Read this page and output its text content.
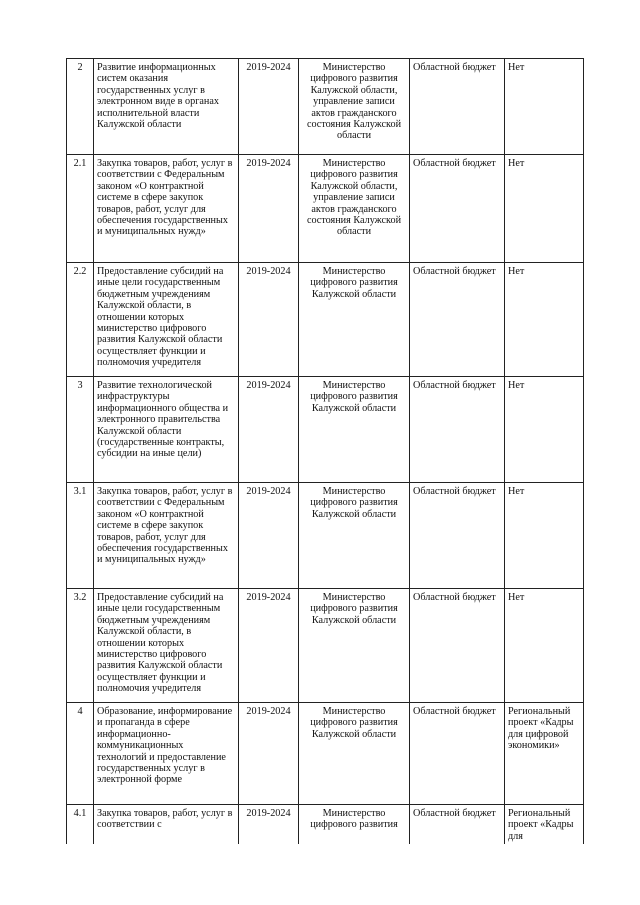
2	Развитие информационных систем оказания государственных услуг в электронном виде в органах исполнительной власти Калужской области	2019-2024	Министерство цифрового развития Калужской области, управление записи актов гражданского состояния Калужской области	Областной бюджет	Нет
2.1	Закупка товаров, работ, услуг в соответствии с Федеральным законом «О контрактной системе в сфере закупок товаров, работ, услуг для обеспечения государственных и муниципальных нужд»	2019-2024	Министерство цифрового развития Калужской области, управление записи актов гражданского состояния Калужской области	Областной бюджет	Нет
2.2	Предоставление субсидий на иные цели государственным бюджетным учреждениям Калужской области, в отношении которых министерство цифрового развития Калужской области осуществляет функции и полномочия учредителя	2019-2024	Министерство цифрового развития Калужской области	Областной бюджет	Нет
3	Развитие технологической инфраструктуры информационного общества и электронного правительства Калужской области (государственные контракты, субсидии на иные цели)	2019-2024	Министерство цифрового развития Калужской области	Областной бюджет	Нет
3.1	Закупка товаров, работ, услуг в соответствии с Федеральным законом «О контрактной системе в сфере закупок товаров, работ, услуг для обеспечения государственных и муниципальных нужд»	2019-2024	Министерство цифрового развития Калужской области	Областной бюджет	Нет
3.2	Предоставление субсидий на иные цели государственным бюджетным учреждениям Калужской области, в отношении которых министерство цифрового развития Калужской области осуществляет функции и полномочия учредителя	2019-2024	Министерство цифрового развития Калужской области	Областной бюджет	Нет
4	Образование, информирование и пропаганда в сфере информационно-коммуникационных технологий и предоставление государственных услуг в электронной форме	2019-2024	Министерство цифрового развития Калужской области	Областной бюджет	Региональный проект «Кадры для цифровой экономики»
4.1	Закупка товаров, работ, услуг в соответствии с	2019-2024	Министерство цифрового развития	Областной бюджет	Региональный проект «Кадры для
